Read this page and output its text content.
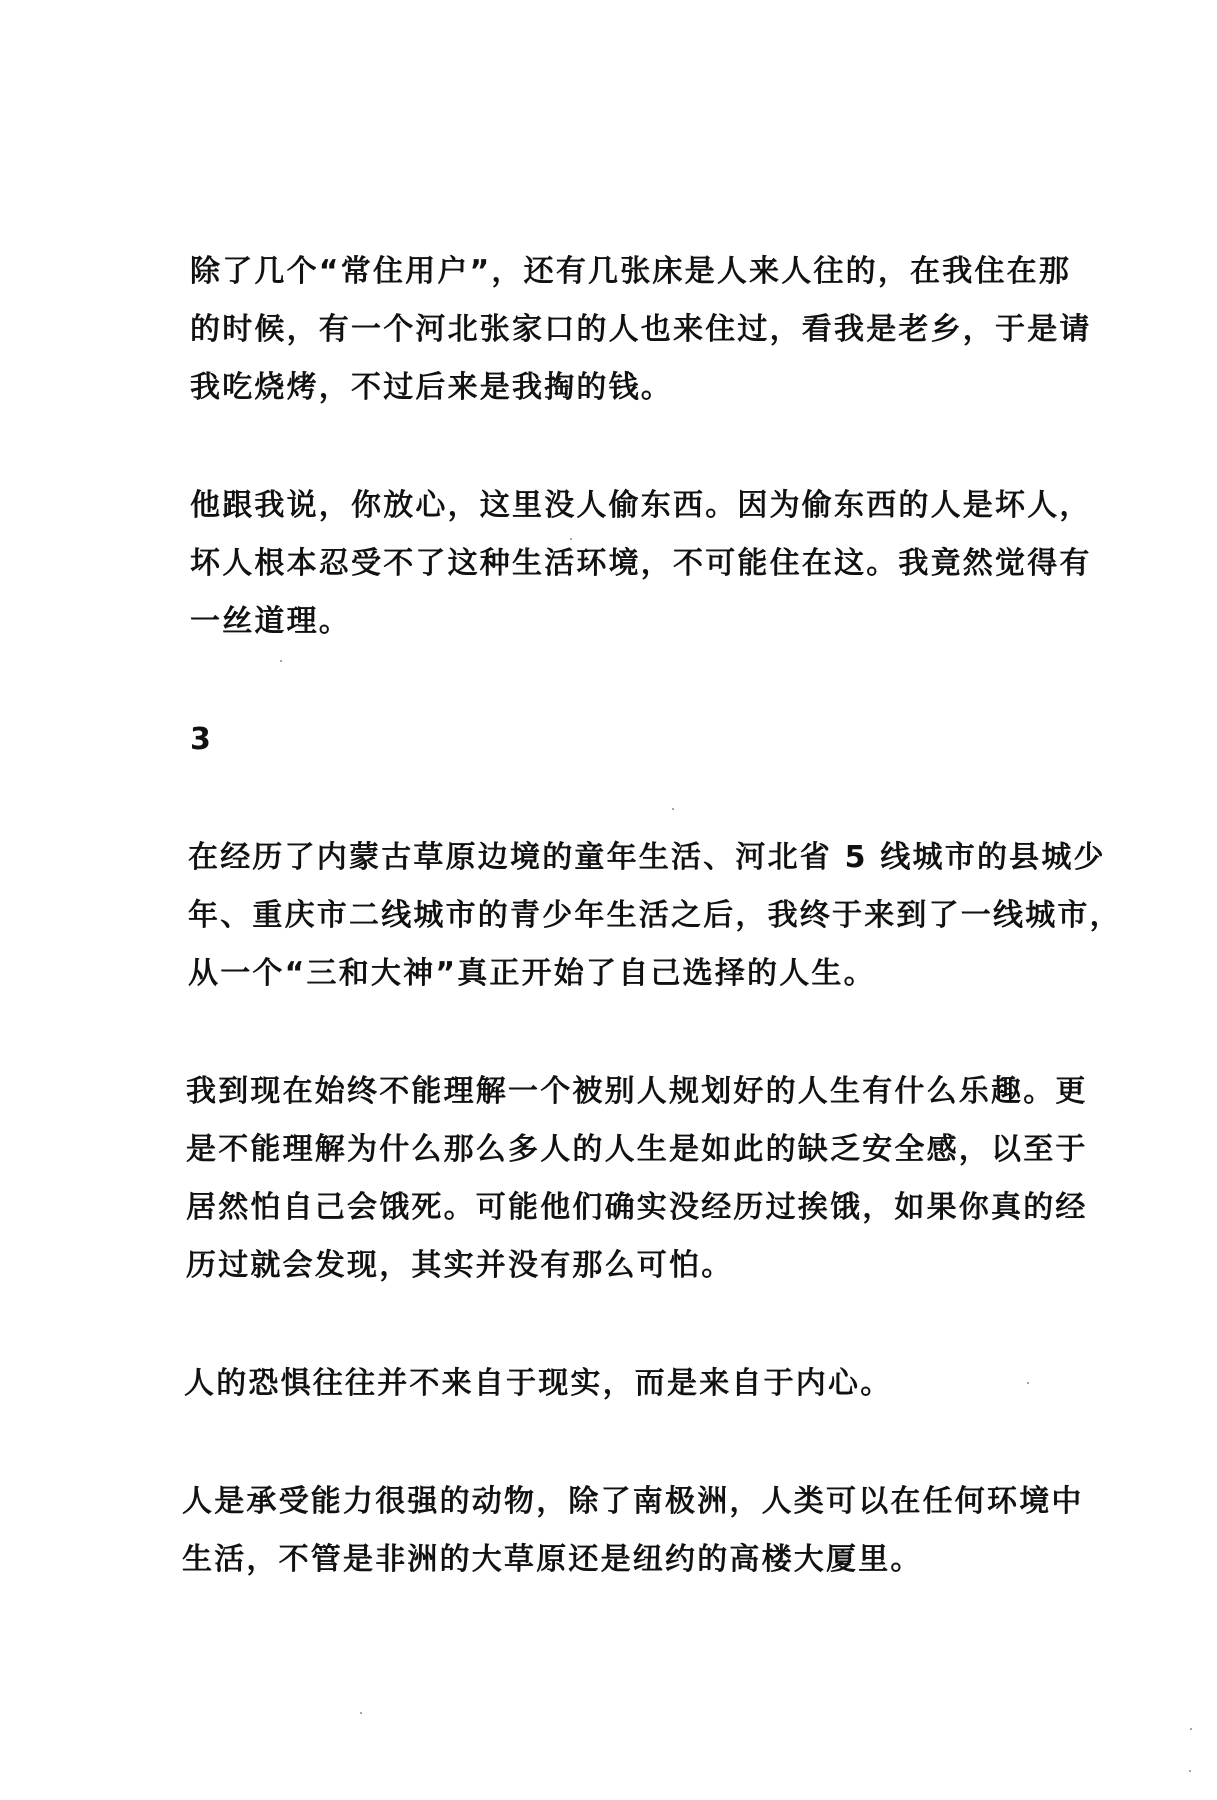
除了几个“常住用户”，还有几张床是人来人往的，在我住在那
的时候，有一个河北张家口的人也来住过，看我是老乡，于是请
我吃烧烤，不过后来是我掏的钱。
他跟我说，你放心，这里没人偷东西。因为偷东西的人是坏人，
坏人根本忍受不了这种生活环境，不可能住在这。我竟然觉得有
一丝道理。
3
在经历了内蒙古草原边境的童年生活、河北省 5 线城市的县城少
年、重庆市二线城市的青少年生活之后，我终于来到了一线城市，
从一个“三和大神”真正开始了自己选择的人生。
我到现在始终不能理解一个被别人规划好的人生有什么乐趣。更
是不能理解为什么那么多人的人生是如此的缺乏安全感，以至于
居然怕自己会饿死。可能他们确实没经历过挨饿，如果你真的经
历过就会发现，其实并没有那么可怕。
人的恐惧往往并不来自于现实，而是来自于内心。
人是承受能力很强的动物，除了南极洲，人类可以在任何环境中
生活，不管是非洲的大草原还是纽约的高楼大厦里。
